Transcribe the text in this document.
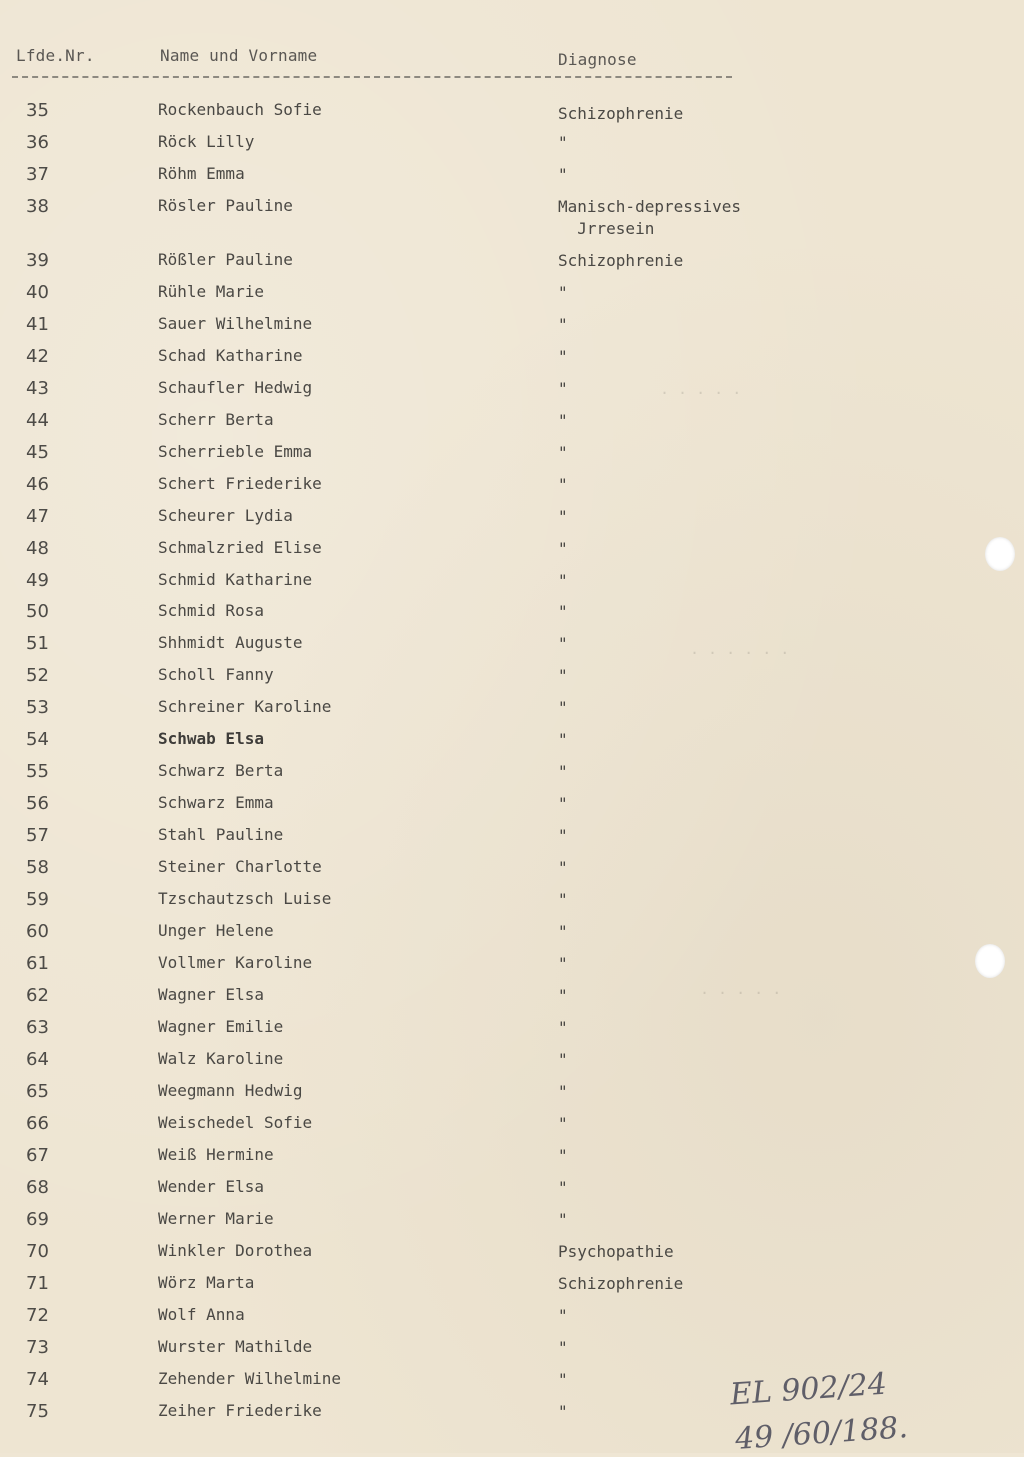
Lfde.Nr.	Name und Vorname	Diagnose
. . . . .
. . . . . .
. . . . .
35	Rockenbauch Sofie	Schizophrenie
36	Röck Lilly	"
37	Röhm Emma	"
38	Rösler Pauline	Manisch-depressives
Jrresein
39	Rößler Pauline	Schizophrenie
40	Rühle Marie	"
41	Sauer Wilhelmine	"
42	Schad Katharine	"
43	Schaufler Hedwig	"
44	Scherr Berta	"
45	Scherrieble Emma	"
46	Schert Friederike	"
47	Scheurer Lydia	"
48	Schmalzried Elise	"
49	Schmid Katharine	"
50	Schmid Rosa	"
51	Shhmidt Auguste	"
52	Scholl Fanny	"
53	Schreiner Karoline	"
54	Schwab Elsa	"
55	Schwarz Berta	"
56	Schwarz Emma	"
57	Stahl Pauline	"
58	Steiner Charlotte	"
59	Tzschautzsch Luise	"
60	Unger Helene	"
61	Vollmer Karoline	"
62	Wagner Elsa	"
63	Wagner Emilie	"
64	Walz Karoline	"
65	Weegmann Hedwig	"
66	Weischedel Sofie	"
67	Weiß Hermine	"
68	Wender Elsa	"
69	Werner Marie	"
70	Winkler Dorothea	Psychopathie
71	Wörz Marta	Schizophrenie
72	Wolf Anna	"
73	Wurster Mathilde	"
74	Zehender Wilhelmine	"
75	Zeiher Friederike	"	EL 902/24
49 /60/188.
